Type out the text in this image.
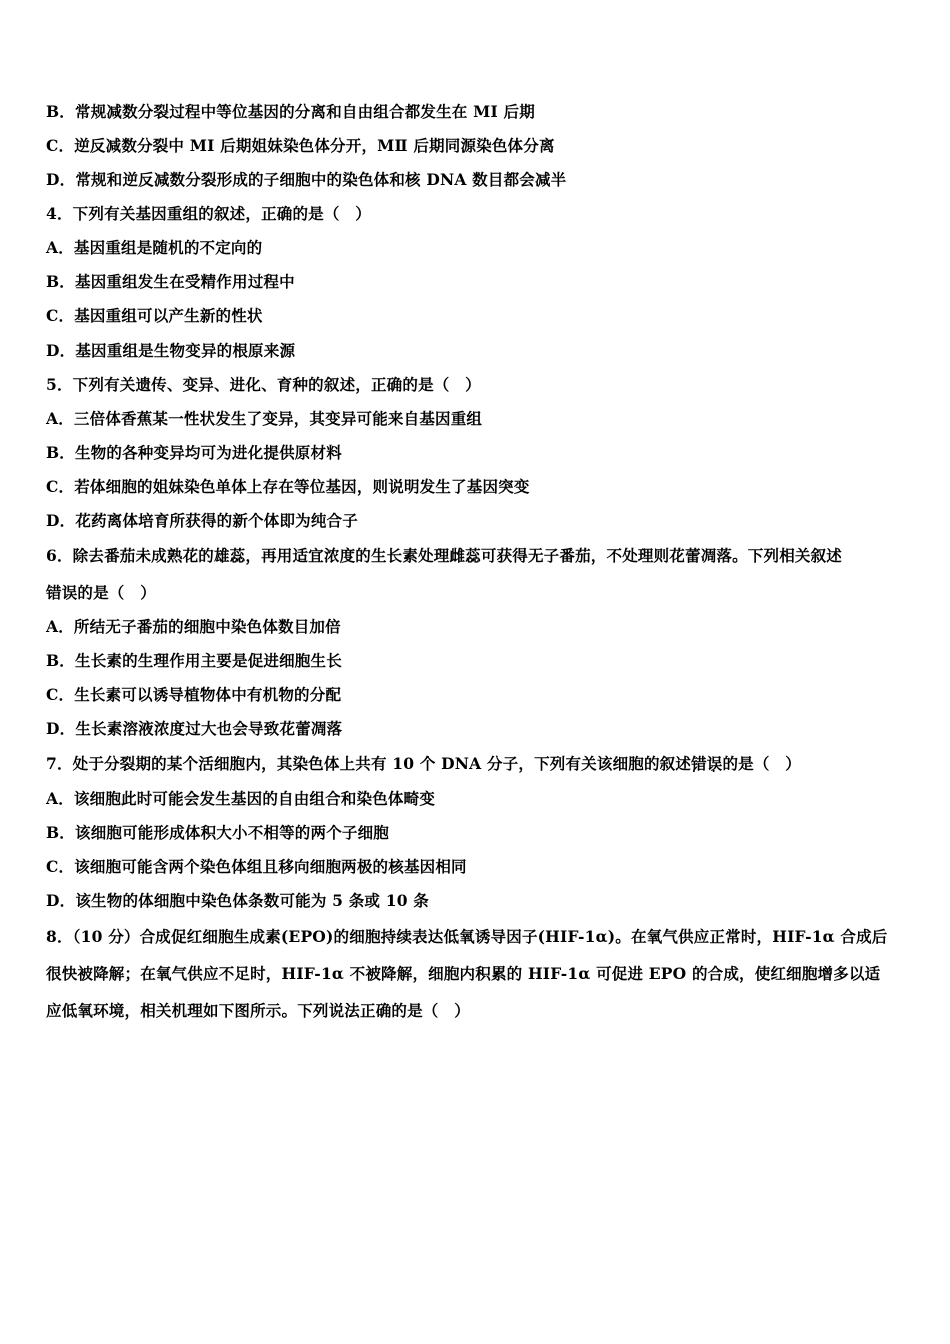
B．常规减数分裂过程中等位基因的分离和自由组合都发生在 MⅠ 后期
C．逆反减数分裂中 MⅠ 后期姐妹染色体分开，MⅡ 后期同源染色体分离
D．常规和逆反减数分裂形成的子细胞中的染色体和核 DNA 数目都会减半
4．下列有关基因重组的叙述，正确的是（　）
A．基因重组是随机的不定向的
B．基因重组发生在受精作用过程中
C．基因重组可以产生新的性状
D．基因重组是生物变异的根原来源
5．下列有关遗传、变异、进化、育种的叙述，正确的是（　）
A．三倍体香蕉某一性状发生了变异，其变异可能来自基因重组
B．生物的各种变异均可为进化提供原材料
C．若体细胞的姐妹染色单体上存在等位基因，则说明发生了基因突变
D．花药离体培育所获得的新个体即为纯合子
6．除去番茄未成熟花的雄蕊，再用适宜浓度的生长素处理雌蕊可获得无子番茄，不处理则花蕾凋落。下列相关叙述
错误的是（　）
A．所结无子番茄的细胞中染色体数目加倍
B．生长素的生理作用主要是促进细胞生长
C．生长素可以诱导植物体中有机物的分配
D．生长素溶液浓度过大也会导致花蕾凋落
7．处于分裂期的某个活细胞内，其染色体上共有 10 个 DNA 分子，下列有关该细胞的叙述错误 · ·的是（　）
A．该细胞此时可能会发生基因的自由组合和染色体畸变
B．该细胞可能形成体积大小不相等的两个子细胞
C．该细胞可能含两个染色体组且移向细胞两极的核基因相同
D．该生物的体细胞中染色体条数可能为 5 条或 10 条
8．（10 分）合成促红细胞生成素(EPO)的细胞持续表达低氧诱导因子(HIF-1α)。在氧气供应正常时，HIF-1α 合成后
很快被降解；在氧气供应不足时，HIF-1α 不被降解，细胞内积累的 HIF-1α 可促进 EPO 的合成，使红细胞增多以适
应低氧环境，相关机理如下图所示。下列说法正确的是（　）
